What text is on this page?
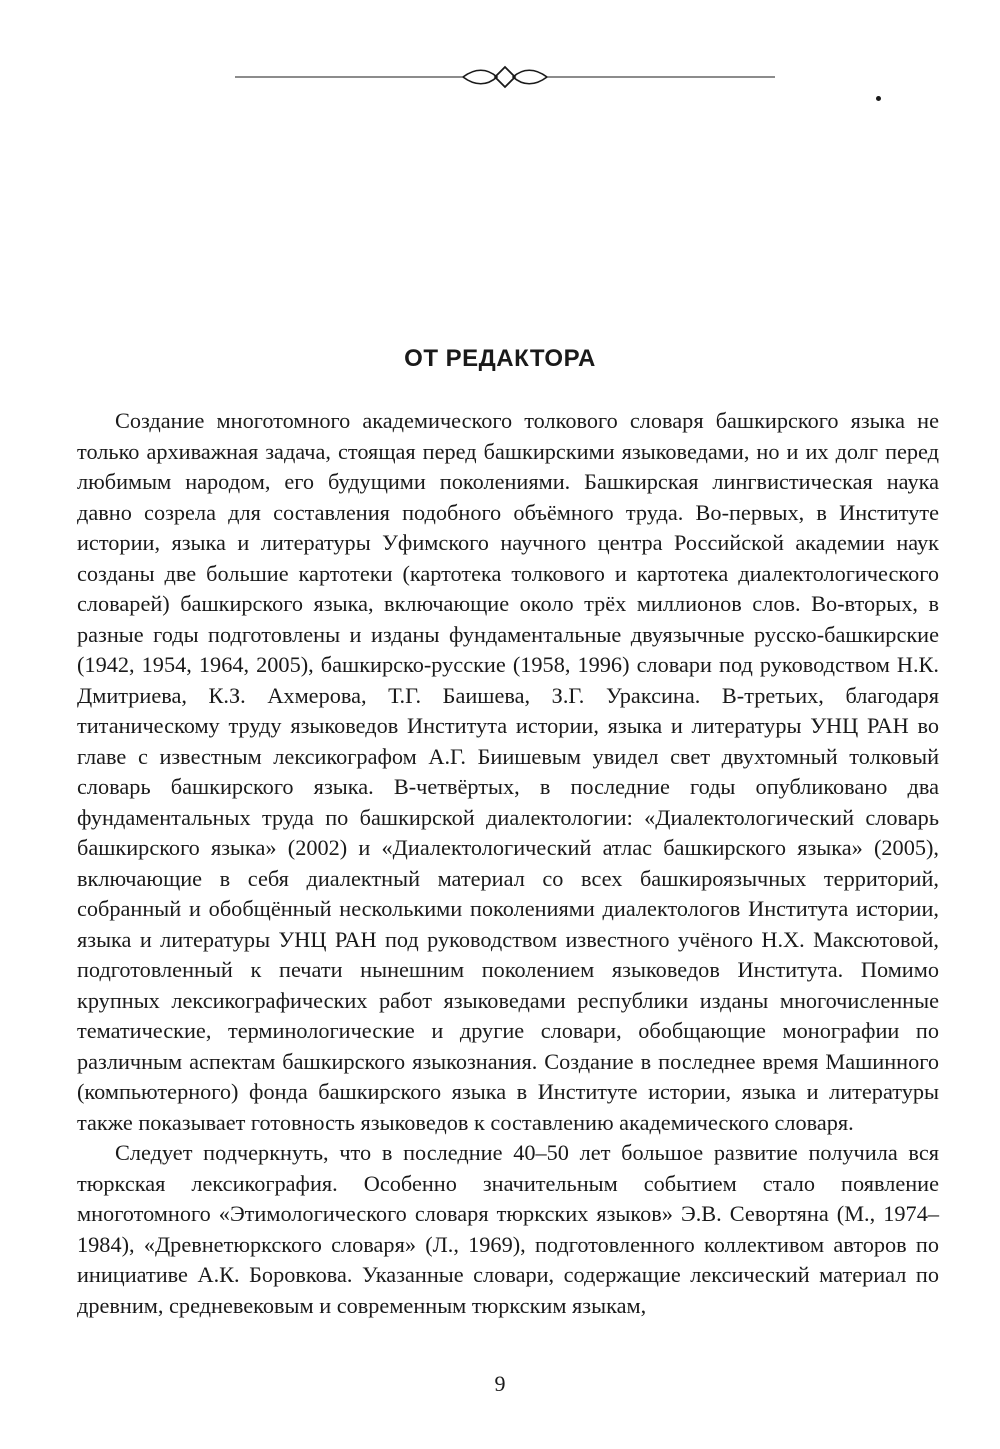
ОТ РЕДАКТОРА

Создание многотомного академического толкового словаря башкирского языка не только архиважная задача, стоящая перед башкирскими языковедами, но и их долг перед любимым народом, его будущими поколениями. Башкирская лингвистическая наука давно созрела для составления подобного объёмного труда. Во-первых, в Институте истории, языка и литературы Уфимского научного центра Российской академии наук созданы две большие картотеки (картотека толкового и картотека диалектологического словарей) башкирского языка, включающие около трёх миллионов слов. Во-вторых, в разные годы подготовлены и изданы фундаментальные двуязычные русско-башкирские (1942, 1954, 1964, 2005), башкирско-русские (1958, 1996) словари под руководством Н.К. Дмитриева, К.З. Ахмерова, Т.Г. Баишева, З.Г. Ураксина. В-третьих, благодаря титаническому труду языковедов Института истории, языка и литературы УНЦ РАН во главе с известным лексикографом А.Г. Биишевым увидел свет двухтомный толковый словарь башкирского языка. В-четвёртых, в последние годы опубликовано два фундаментальных труда по башкирской диалектологии: «Диалектологический словарь башкирского языка» (2002) и «Диалектологический атлас башкирского языка» (2005), включающие в себя диалектный материал со всех башкироязычных территорий, собранный и обобщённый несколькими поколениями диалектологов Института истории, языка и литературы УНЦ РАН под руководством известного учёного Н.Х. Максютовой, подготовленный к печати нынешним поколением языковедов Института. Помимо крупных лексикографических работ языковедами республики изданы многочисленные тематические, терминологические и другие словари, обобщающие монографии по различным аспектам башкирского языкознания. Создание в последнее время Машинного (компьютерного) фонда башкирского языка в Институте истории, языка и литературы также показывает готовность языковедов к составлению академического словаря.

Следует подчеркнуть, что в последние 40–50 лет большое развитие получила вся тюркская лексикография. Особенно значительным событием стало появление многотомного «Этимологического словаря тюркских языков» Э.В. Севортяна (М., 1974–1984), «Древнетюркского словаря» (Л., 1969), подготовленного коллективом авторов по инициативе А.К. Боровкова. Указанные словари, содержащие лексический материал по древним, средневековым и современным тюркским языкам,

9
